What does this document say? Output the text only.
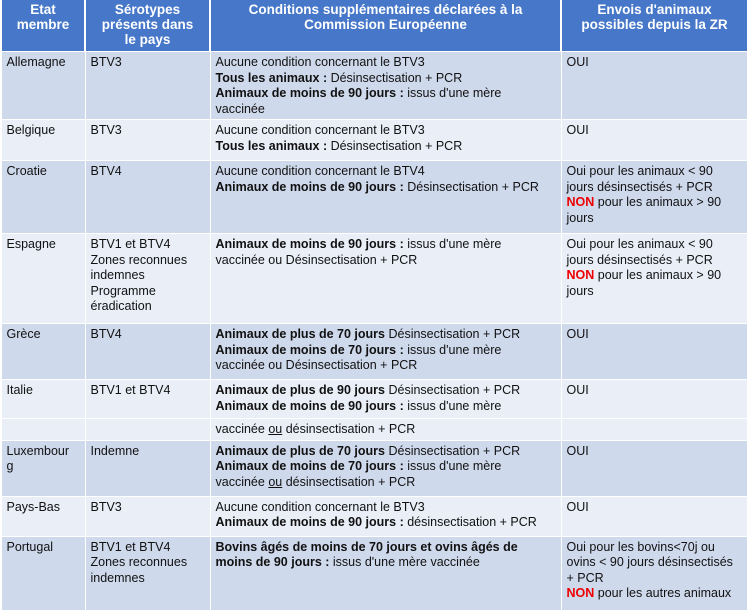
Etat
membre	Sérotypes
présents dans
le pays	Conditions supplémentaires déclarées à la
Commission Européenne	Envois d'animaux
possibles depuis la ZR

Allemagne	BTV3	Aucune condition concernant le BTV3
Tous les animaux : Désinsectisation + PCR
Animaux de moins de 90 jours : issus d'une mère
vaccinée	OUI
Belgique	BTV3	Aucune condition concernant le BTV3
Tous les animaux : Désinsectisation + PCR	OUI
Croatie	BTV4	Aucune condition concernant le BTV4
Animaux de moins de 90 jours : Désinsectisation + PCR	Oui pour les animaux < 90
jours désinsectisés + PCR
NON pour les animaux > 90
jours

Espagne	BTV1 et BTV4
Zones reconnues
indemnes
Programme
éradication	Animaux de moins de 90 jours : issus d'une mère
vaccinée ou Désinsectisation + PCR	Oui pour les animaux < 90
jours désinsectisés + PCR
NON pour les animaux > 90
jours

Grèce	BTV4	Animaux de plus de 70 jours Désinsectisation + PCR
Animaux de moins de 70 jours : issus d'une mère
vaccinée ou Désinsectisation + PCR	OUI
Italie	BTV1 et BTV4	Animaux de plus de 90 jours Désinsectisation + PCR
Animaux de moins de 90 jours : issus d'une mère	OUI

		vaccinée ou désinsectisation + PCR	

Luxembour
g	Indemne	Animaux de plus de 70 jours Désinsectisation + PCR
Animaux de moins de 70 jours : issus d'une mère
vaccinée ou désinsectisation + PCR	OUI
Pays-Bas	BTV3	Aucune condition concernant le BTV3
Animaux de moins de 90 jours : désinsectisation + PCR	OUI
Portugal	BTV1 et BTV4
Zones reconnues
indemnes	Bovins âgés de moins de 70 jours et ovins âgés de
moins de 90 jours : issus d'une mère vaccinée	Oui pour les bovins<70j ou
ovins < 90 jours désinsectisés
+ PCR
NON pour les autres animaux
